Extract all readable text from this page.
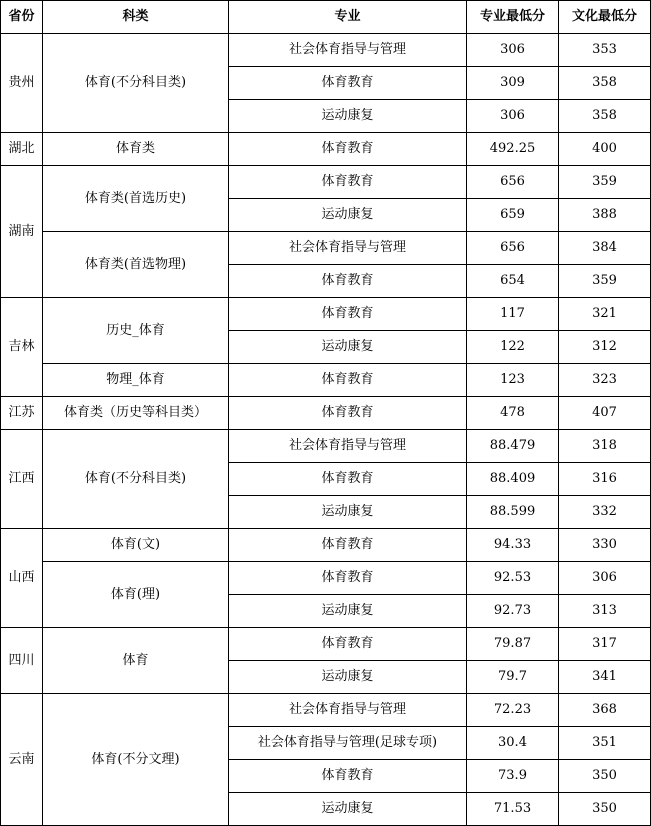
省份	科类	专业	专业最低分	文化最低分
贵州	体育(不分科目类)	社会体育指导与管理	306	353
		体育教育	309	358
		运动康复	306	358
湖北	体育类	体育教育	492.25	400
湖南	体育类(首选历史)	体育教育	656	359
		运动康复	659	388
	体育类(首选物理)	社会体育指导与管理	656	384
		体育教育	654	359
吉林	历史_体育	体育教育	117	321
		运动康复	122	312
	物理_体育	体育教育	123	323
江苏	体育类（历史等科目类）	体育教育	478	407
江西	体育(不分科目类)	社会体育指导与管理	88.479	318
		体育教育	88.409	316
		运动康复	88.599	332
山西	体育(文)	体育教育	94.33	330
	体育(理)	体育教育	92.53	306
		运动康复	92.73	313
四川	体育	体育教育	79.87	317
		运动康复	79.7	341
云南	体育(不分文理)	社会体育指导与管理	72.23	368
		社会体育指导与管理(足球专项)	30.4	351
		体育教育	73.9	350
		运动康复	71.53	350
